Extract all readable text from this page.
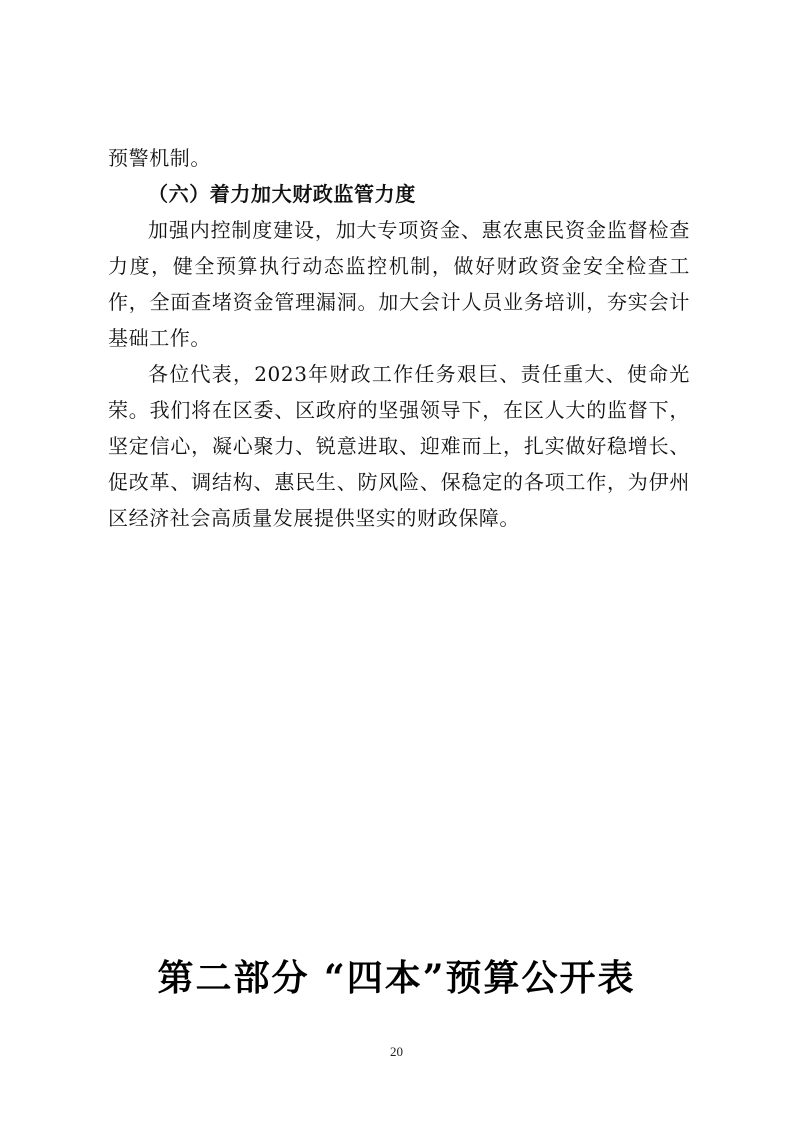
预警机制。

（六）着力加大财政监管力度

加强内控制度建设，加大专项资金、惠农惠民资金监督检查力度，健全预算执行动态监控机制，做好财政资金安全检查工作，全面查堵资金管理漏洞。加大会计人员业务培训，夯实会计基础工作。

各位代表，2023年财政工作任务艰巨、责任重大、使命光荣。我们将在区委、区政府的坚强领导下，在区人大的监督下，坚定信心，凝心聚力、锐意进取、迎难而上，扎实做好稳增长、促改革、调结构、惠民生、防风险、保稳定的各项工作，为伊州区经济社会高质量发展提供坚实的财政保障。

第二部分 “四本”预算公开表
20
